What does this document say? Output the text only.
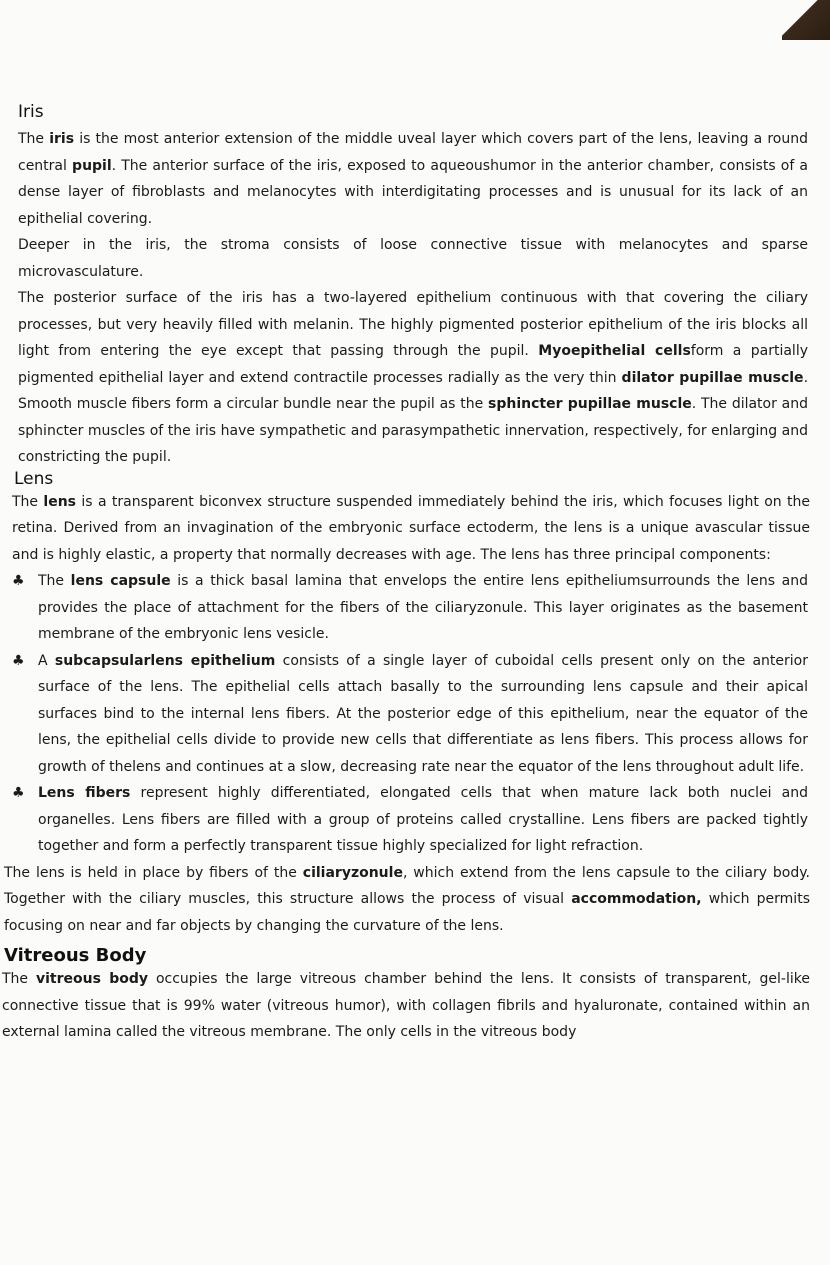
Iris

The iris is the most anterior extension of the middle uveal layer which covers part of the lens, leaving a round central pupil. The anterior surface of the iris, exposed to aqueoushumor in the anterior chamber, consists of a dense layer of fibroblasts and melanocytes with interdigitating processes and is unusual for its lack of an epithelial covering.

Deeper in the iris, the stroma consists of loose connective tissue with melanocytes and sparse microvasculature.

The posterior surface of the iris has a two-layered epithelium continuous with that covering the ciliary processes, but very heavily filled with melanin. The highly pigmented posterior epithelium of the iris blocks all light from entering the eye except that passing through the pupil. Myoepithelial cellsform a partially pigmented epithelial layer and extend contractile processes radially as the very thin dilator pupillae muscle. Smooth muscle fibers form a circular bundle near the pupil as the sphincter pupillae muscle. The dilator and sphincter muscles of the iris have sympathetic and parasympathetic innervation, respectively, for enlarging and constricting the pupil.

Lens

The lens is a transparent biconvex structure suspended immediately behind the iris, which focuses light on the retina. Derived from an invagination of the embryonic surface ectoderm, the lens is a unique avascular tissue and is highly elastic, a property that normally decreases with age. The lens has three principal components:

♣ The lens capsule is a thick basal lamina that envelops the entire lens epitheliumsurrounds the lens and provides the place of attachment for the fibers of the ciliaryzonule. This layer originates as the basement membrane of the embryonic lens vesicle.
♣ A subcapsularlens epithelium consists of a single layer of cuboidal cells present only on the anterior surface of the lens. The epithelial cells attach basally to the surrounding lens capsule and their apical surfaces bind to the internal lens fibers. At the posterior edge of this epithelium, near the equator of the lens, the epithelial cells divide to provide new cells that differentiate as lens fibers. This process allows for growth of thelens and continues at a slow, decreasing rate near the equator of the lens throughout adult life.
♣ Lens fibers represent highly differentiated, elongated cells that when mature lack both nuclei and organelles. Lens fibers are filled with a group of proteins called crystalline. Lens fibers are packed tightly together and form a perfectly transparent tissue highly specialized for light refraction.

The lens is held in place by fibers of the ciliaryzonule, which extend from the lens capsule to the ciliary body. Together with the ciliary muscles, this structure allows the process of visual accommodation, which permits focusing on near and far objects by changing the curvature of the lens.

Vitreous Body

The vitreous body occupies the large vitreous chamber behind the lens. It consists of transparent, gel-like connective tissue that is 99% water (vitreous humor), with collagen fibrils and hyaluronate, contained within an external lamina called the vitreous membrane. The only cells in the vitreous body
